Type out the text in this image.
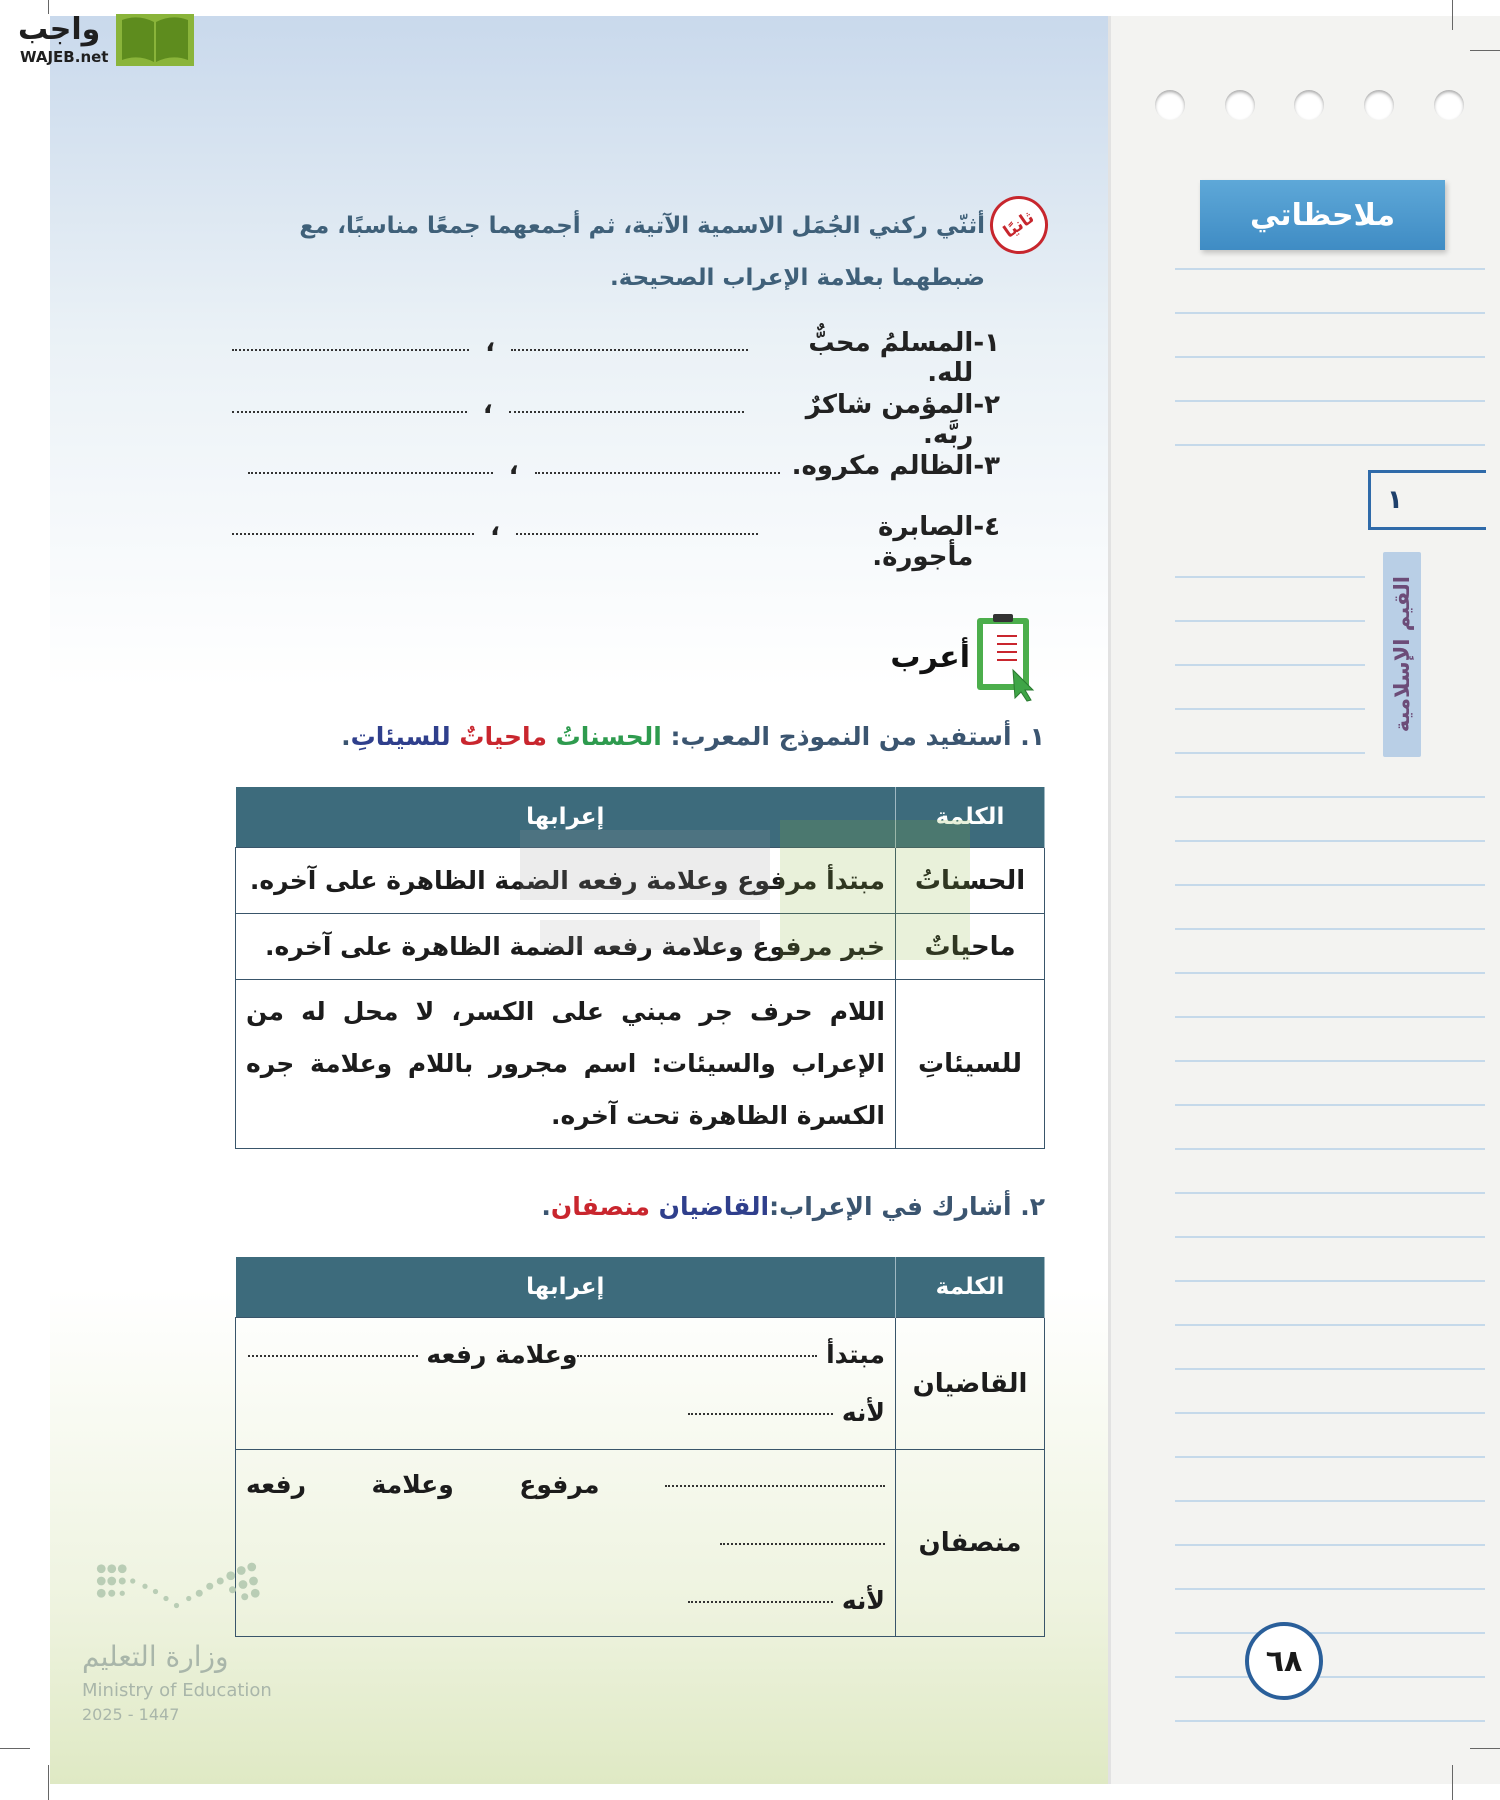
ملاحظاتي
١
القيم الإسلامية
واجب
WAJEB.net
ثانيًا
أثنّي ركني الجُمَل الاسمية الآتية، ثم أجمعهما جمعًا مناسبًا، مع ضبطهما بعلامة الإعراب الصحيحة.
١-
المسلمُ محبٌّ لله.
،
٢-
المؤمن شاكرٌ ربَّه.
،
٣-
الظالم مكروه.
،
٤-
الصابرة مأجورة.
،
أعرب
١. أستفيد من النموذج المعرب: الحسناتُ ماحياتٌ للسيئاتِ.
الكلمة	إعرابها
الحسناتُ	مبتدأ مرفوع وعلامة رفعه الضمة الظاهرة على آخره.
ماحياتٌ	خبر مرفوع وعلامة رفعه الضمة الظاهرة على آخره.
للسيئاتِ	اللام حرف جر مبني على الكسر، لا محل له من الإعراب والسيئات: اسم مجرور باللام وعلامة جره الكسرة الظاهرة تحت آخره.
٢. أشارك في الإعراب:القاضيان منصفان.
الكلمة	إعرابها
القاضيان	مبتدأ وعلامة رفعه
لأنه

منصفان	مرفوع وعلامة رفعه
لأنه
وزارة التعليم
Ministry of Education
2025 - 1447
٦٨
